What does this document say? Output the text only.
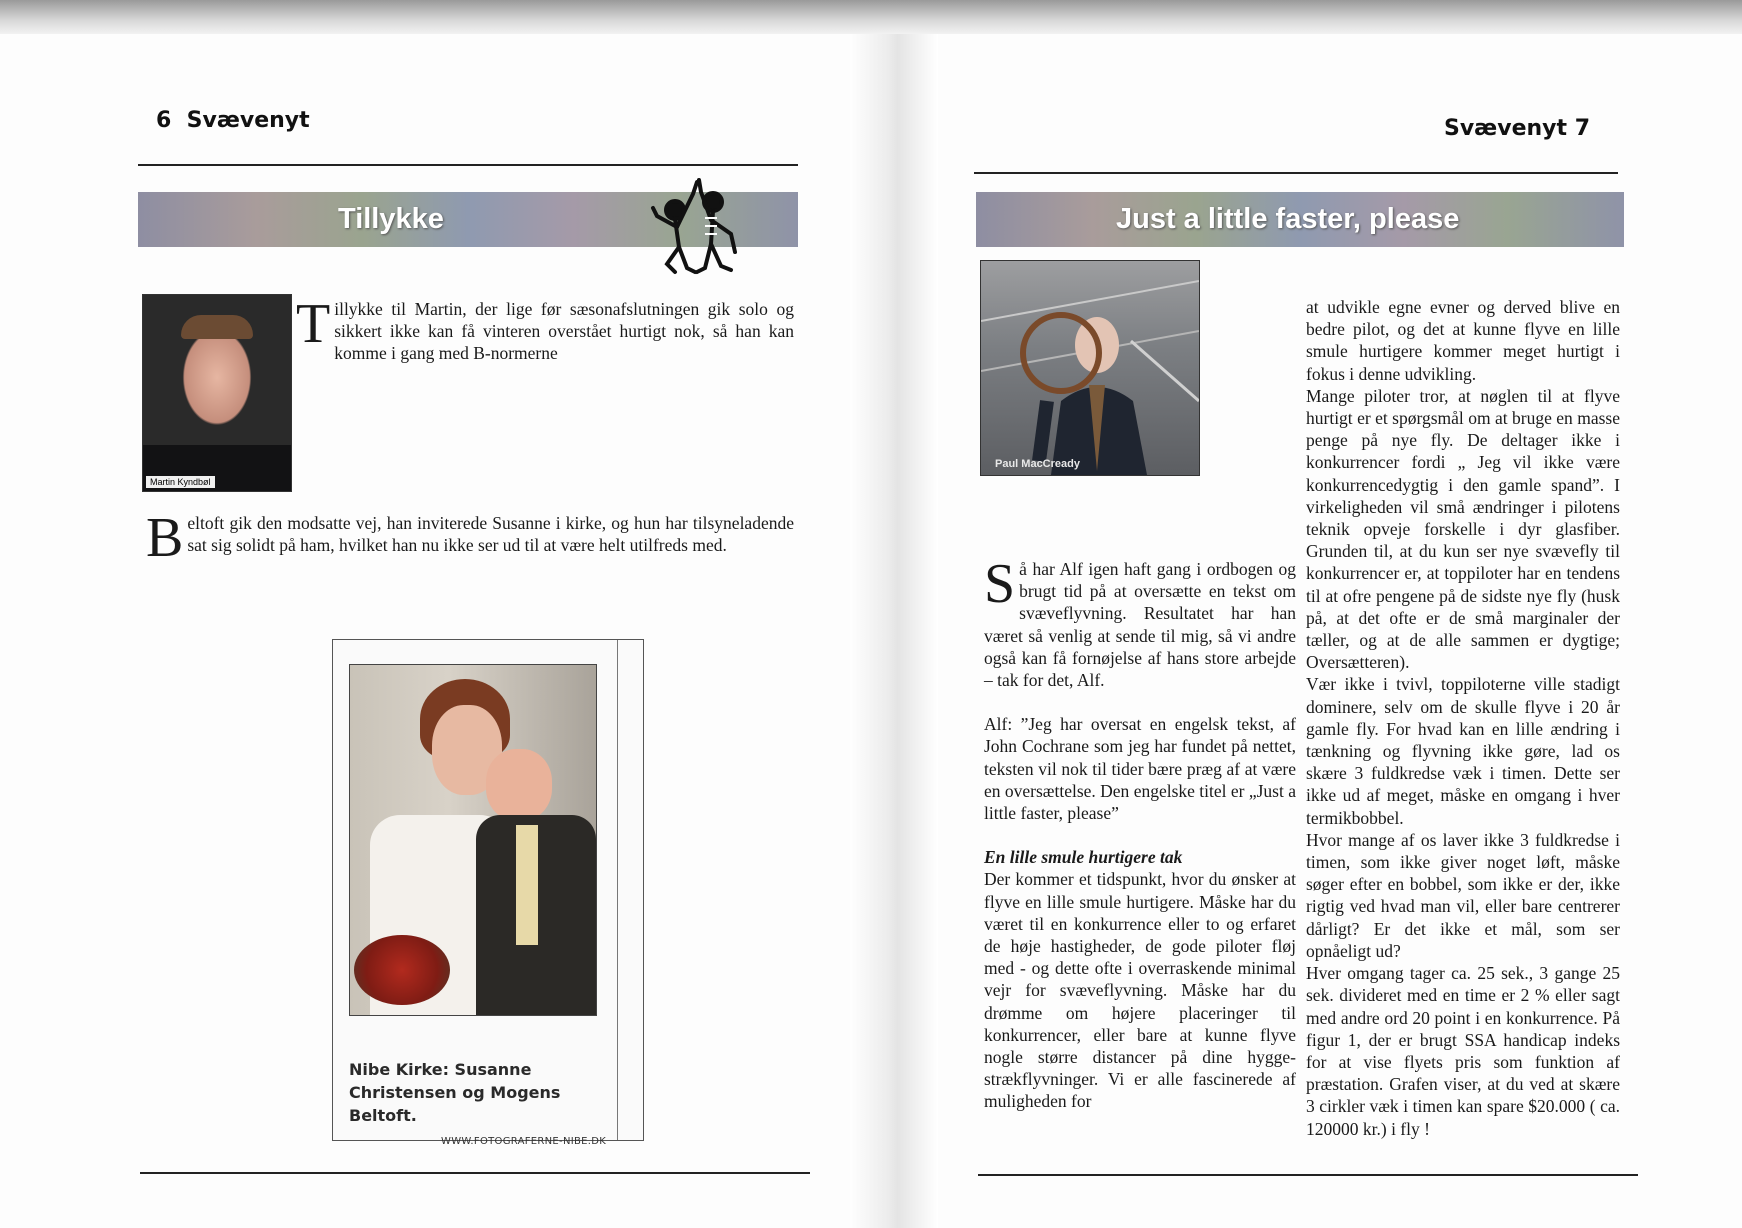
6 Svævenyt
Tillykke
Martin Kyndbøl

Tillykke til Martin, der lige før sæsonafslutningen gik solo og sikkert ikke kan få vinteren overstået hurtigt nok, så han kan komme i gang med B-normerne

Beltoft gik den modsatte vej, han inviterede Susanne i kirke, og hun har tilsyneladende sat sig solidt på ham, hvilket han nu ikke ser ud til at være helt utilfreds med.

Nibe Kirke: Susanne Christensen og Mogens Beltoft.
WWW.FOTOGRAFERNE-NIBE.DK
Svævenyt 7
Just a little faster, please
Paul MacCready

Så har Alf igen haft gang i ordbogen og brugt tid på at oversætte en tekst om svæveflyvning. Resultatet har han været så venlig at sende til mig, så vi andre også kan få fornøjelse af hans store arbejde – tak for det, Alf.

Alf: ”Jeg har oversat en engelsk tekst, af John Cochrane som jeg har fundet på nettet, teksten vil nok til tider bære præg af at være en oversættelse. Den engelske titel er „Just a little faster, please”

En lille smule hurtigere tak
Der kommer et tidspunkt, hvor du ønsker at flyve en lille smule hurtigere. Måske har du været til en konkurrence eller to og erfaret de høje hastigheder, de gode piloter fløj med - og dette ofte i overraskende minimal vejr for svæveflyvning. Måske har du drømme om højere placeringer til konkurrencer, eller bare at kunne flyve nogle større distancer på dine hyggestrækflyvninger. Vi er alle fascinerede af muligheden for

at udvikle egne evner og derved blive en bedre pilot, og det at kunne flyve en lille smule hurtigere kommer meget hurtigt i fokus i denne udvikling.

Mange piloter tror, at nøglen til at flyve hurtigt er et spørgsmål om at bruge en masse penge på nye fly. De deltager ikke i konkurrencer fordi „ Jeg vil ikke være konkurrencedygtig i den gamle spand”. I virkeligheden vil små ændringer i pilotens teknik opveje forskelle i dyr glasfiber. Grunden til, at du kun ser nye svævefly til konkurrencer er, at toppiloter har en tendens til at ofre pengene på de sidste nye fly (husk på, at det ofte er de små marginaler der tæller, og at de alle sammen er dygtige; Oversætteren).

Vær ikke i tvivl, toppiloterne ville stadigt dominere, selv om de skulle flyve i 20 år gamle fly. For hvad kan en lille ændring i tænkning og flyvning ikke gøre, lad os skære 3 fuldkredse væk i timen. Dette ser ikke ud af meget, måske en omgang i hver termikbobbel.

Hvor mange af os laver ikke 3 fuldkredse i timen, som ikke giver noget løft, måske søger efter en bobbel, som ikke er der, ikke rigtig ved hvad man vil, eller bare centrerer dårligt? Er det ikke et mål, som ser opnåeligt ud?

Hver omgang tager ca. 25 sek., 3 gange 25 sek. divideret med en time er 2 % eller sagt med andre ord 20 point i en konkurrence. På figur 1, der er brugt SSA handicap indeks for at vise flyets pris som funktion af præstation. Grafen viser, at du ved at skære 3 cirkler væk i timen kan spare $20.000 ( ca. 120000 kr.) i fly !
